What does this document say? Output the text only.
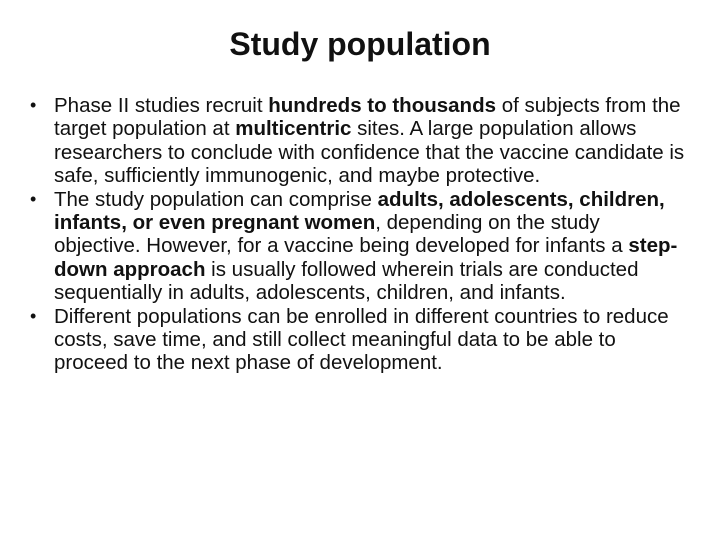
Study population
• Phase II studies recruit hundreds to thousands of subjects from the target population at multicentric sites. A large population allows researchers to conclude with confidence that the vaccine candidate is safe, sufficiently immunogenic, and maybe protective.
• The study population can comprise adults, adolescents, children, infants, or even pregnant women, depending on the study objective. However, for a vaccine being developed for infants a step-down approach is usually followed wherein trials are conducted sequentially in adults, adolescents, children, and infants.
• Different populations can be enrolled in different countries to reduce costs, save time, and still collect meaningful data to be able to proceed to the next phase of development.
